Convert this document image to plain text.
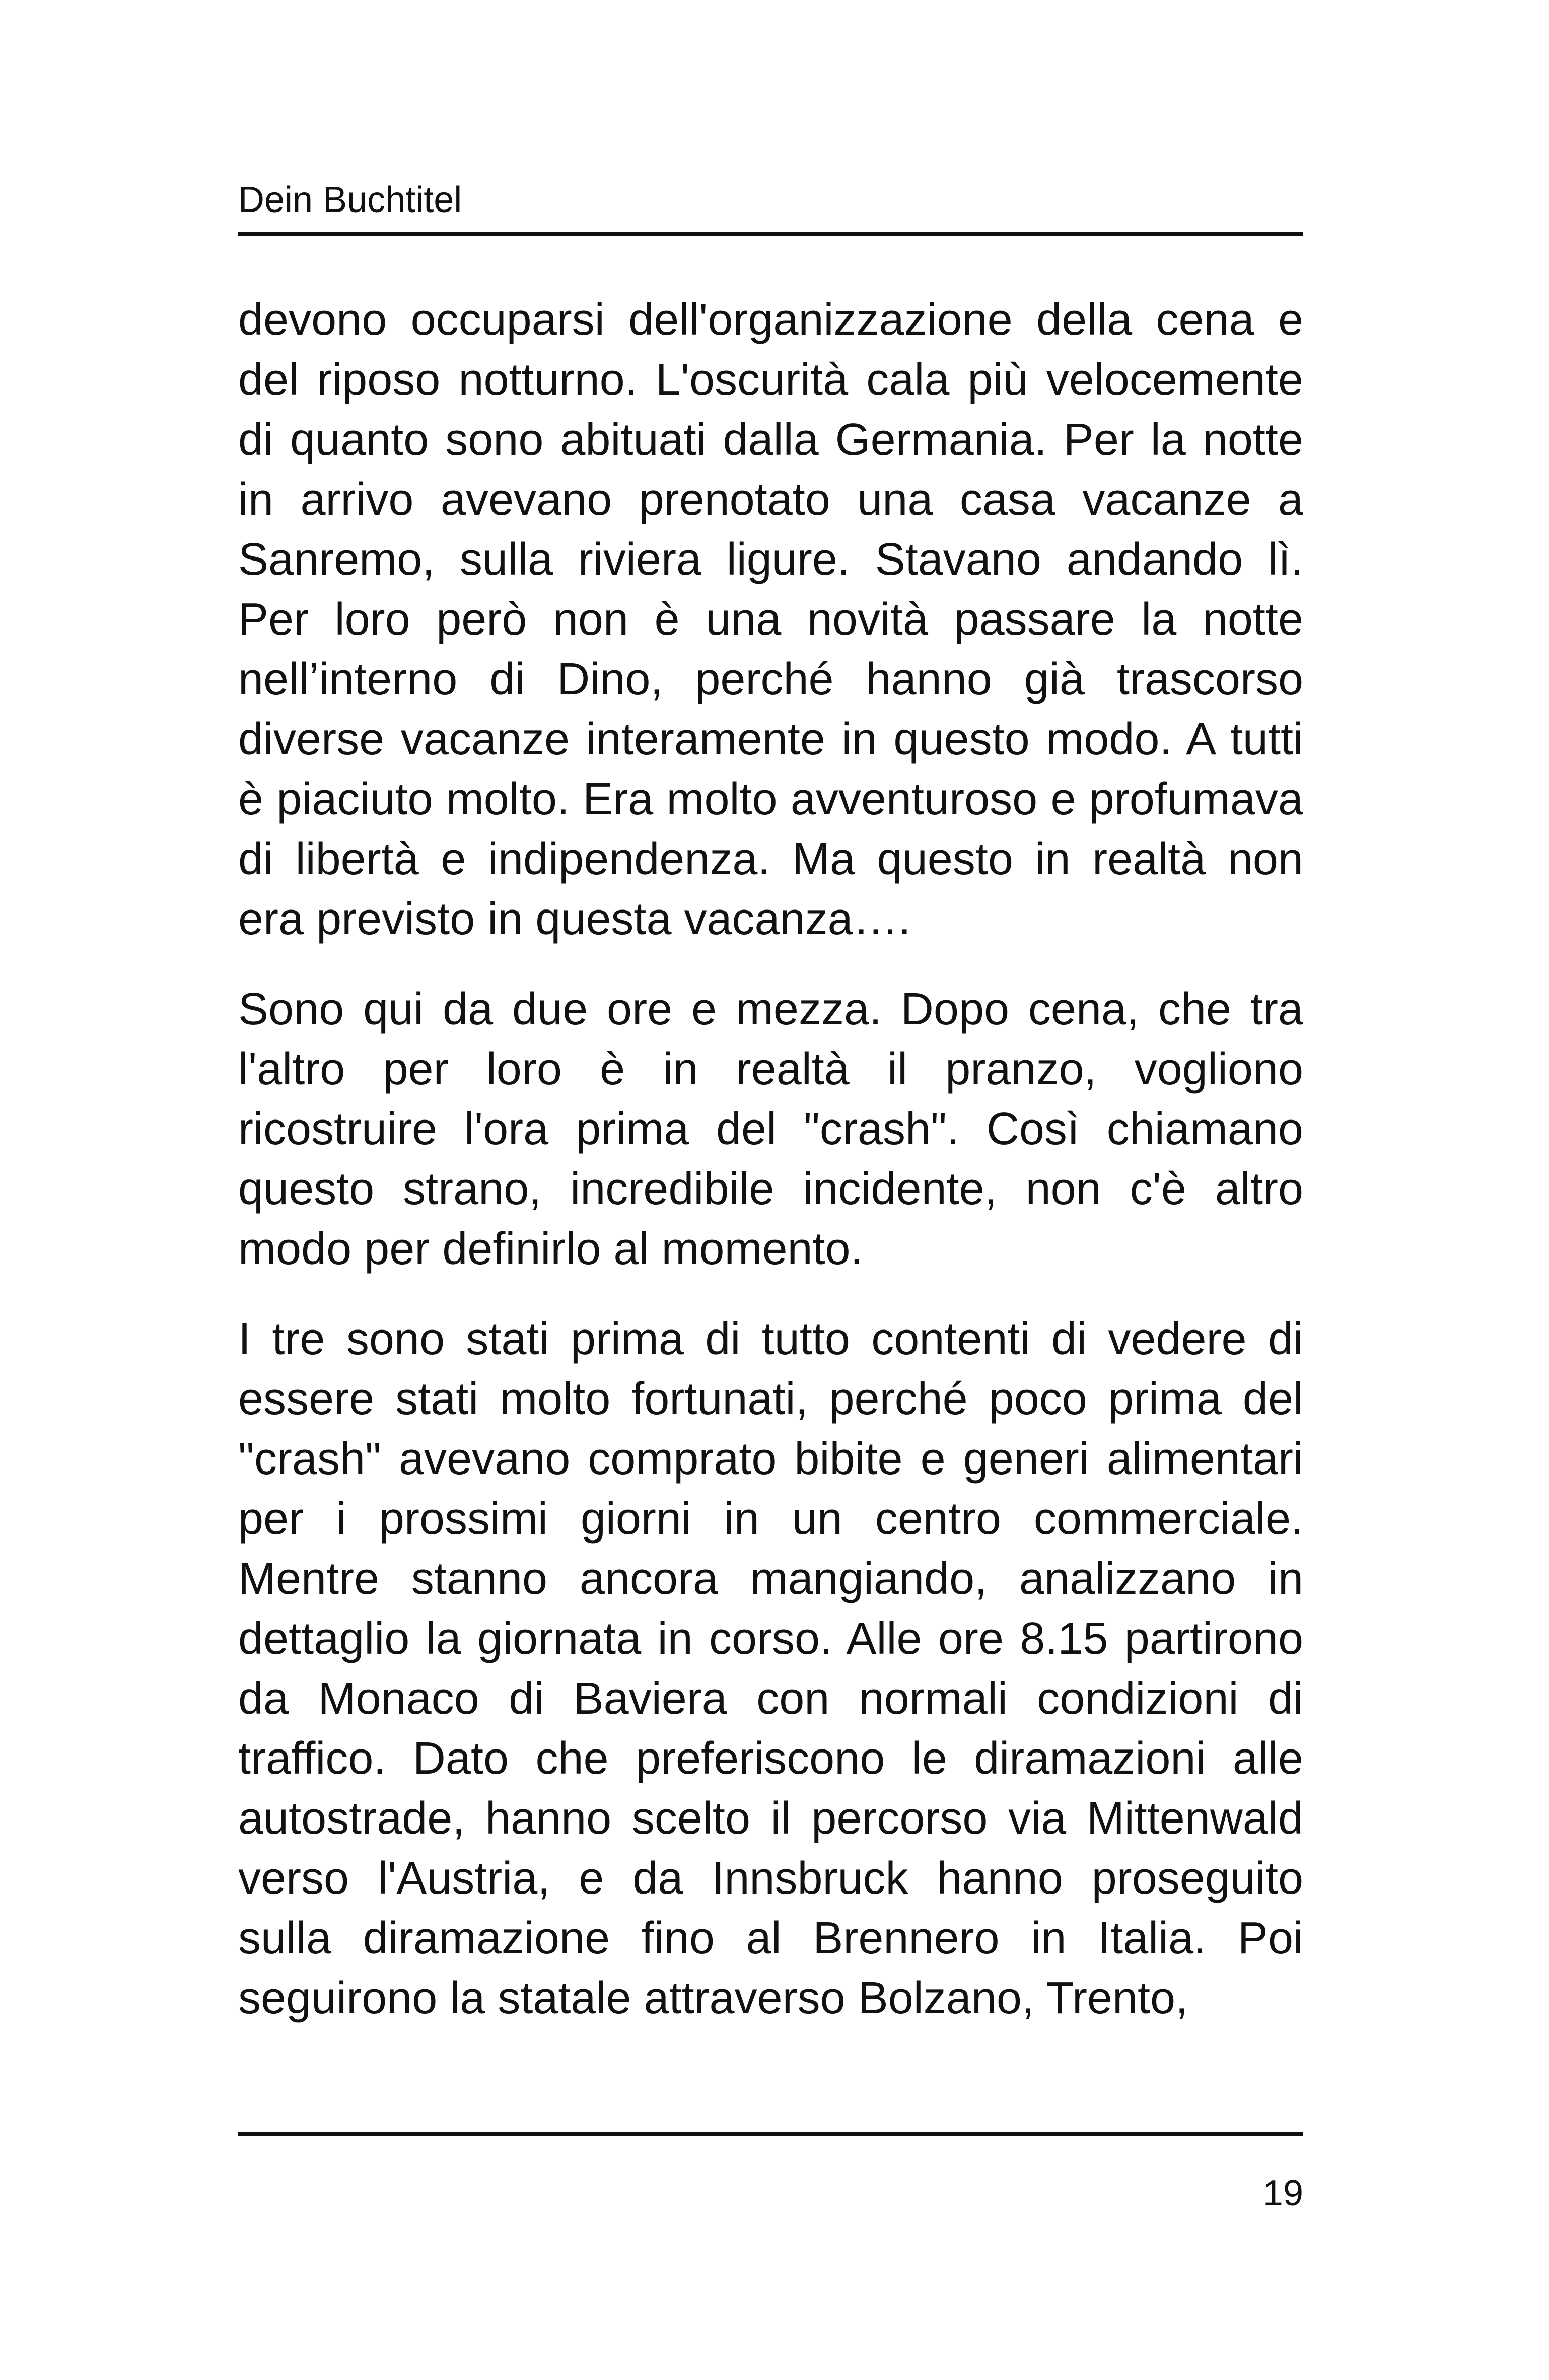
Dein Buchtitel

devono occuparsi dell'organizzazione della cena e del riposo notturno. L'oscurità cala più velocemente di quanto sono abituati dalla Germania. Per la notte in arrivo avevano prenotato una casa vacanze a Sanremo, sulla riviera ligure. Stavano andando lì. Per loro però non è una novità passare la notte nell’interno di Dino, perché hanno già trascorso diverse vacanze interamente in questo modo. A tutti è piaciuto molto. Era molto avventuroso e profumava di libertà e indipendenza. Ma questo in realtà non era previsto in questa vacanza….

Sono qui da due ore e mezza. Dopo cena, che tra l'altro per loro è in realtà il pranzo, vogliono ricostruire l'ora prima del "crash". Così chiamano questo strano, incredibile incidente, non c'è altro modo per definirlo al momento.

I tre sono stati prima di tutto contenti di vedere di essere stati molto fortunati, perché poco prima del "crash" avevano comprato bibite e generi alimentari per i prossimi giorni in un centro commerciale. Mentre stanno ancora mangiando, analizzano in dettaglio la giornata in corso. Alle ore 8.15 partirono da Monaco di Baviera con normali condizioni di traffico. Dato che preferiscono le diramazioni alle autostrade, hanno scelto il percorso via Mittenwald verso l'Austria, e da Innsbruck hanno proseguito sulla diramazione fino al Brennero in Italia. Poi seguirono la statale attraverso Bolzano, Trento,

19
